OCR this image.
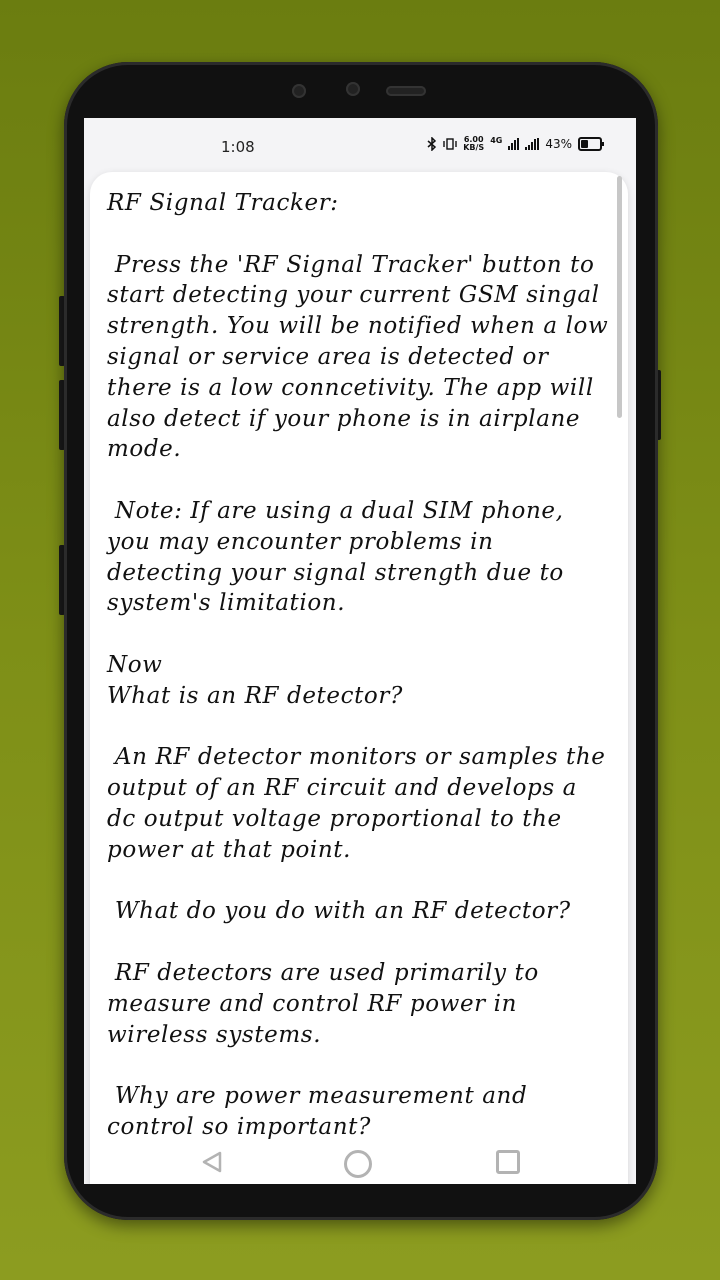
1:08	6.00
KB/S
4G	43%

RF Signal Tracker:

Press the 'RF Signal Tracker' button to start detecting your current GSM singal strength. You will be notified when a low signal or service area is detected or there is a low conncetivity. The app will also detect if your phone is in airplane mode.

Note: If are using a dual SIM phone, you may encounter problems in detecting your signal strength due to system's limitation.

Now
What is an RF detector?

An RF detector monitors or samples the output of an RF circuit and develops a dc output voltage proportional to the power at that point.

What do you do with an RF detector?

RF detectors are used primarily to measure and control RF power in wireless systems.

Why are power measurement and control so important?
